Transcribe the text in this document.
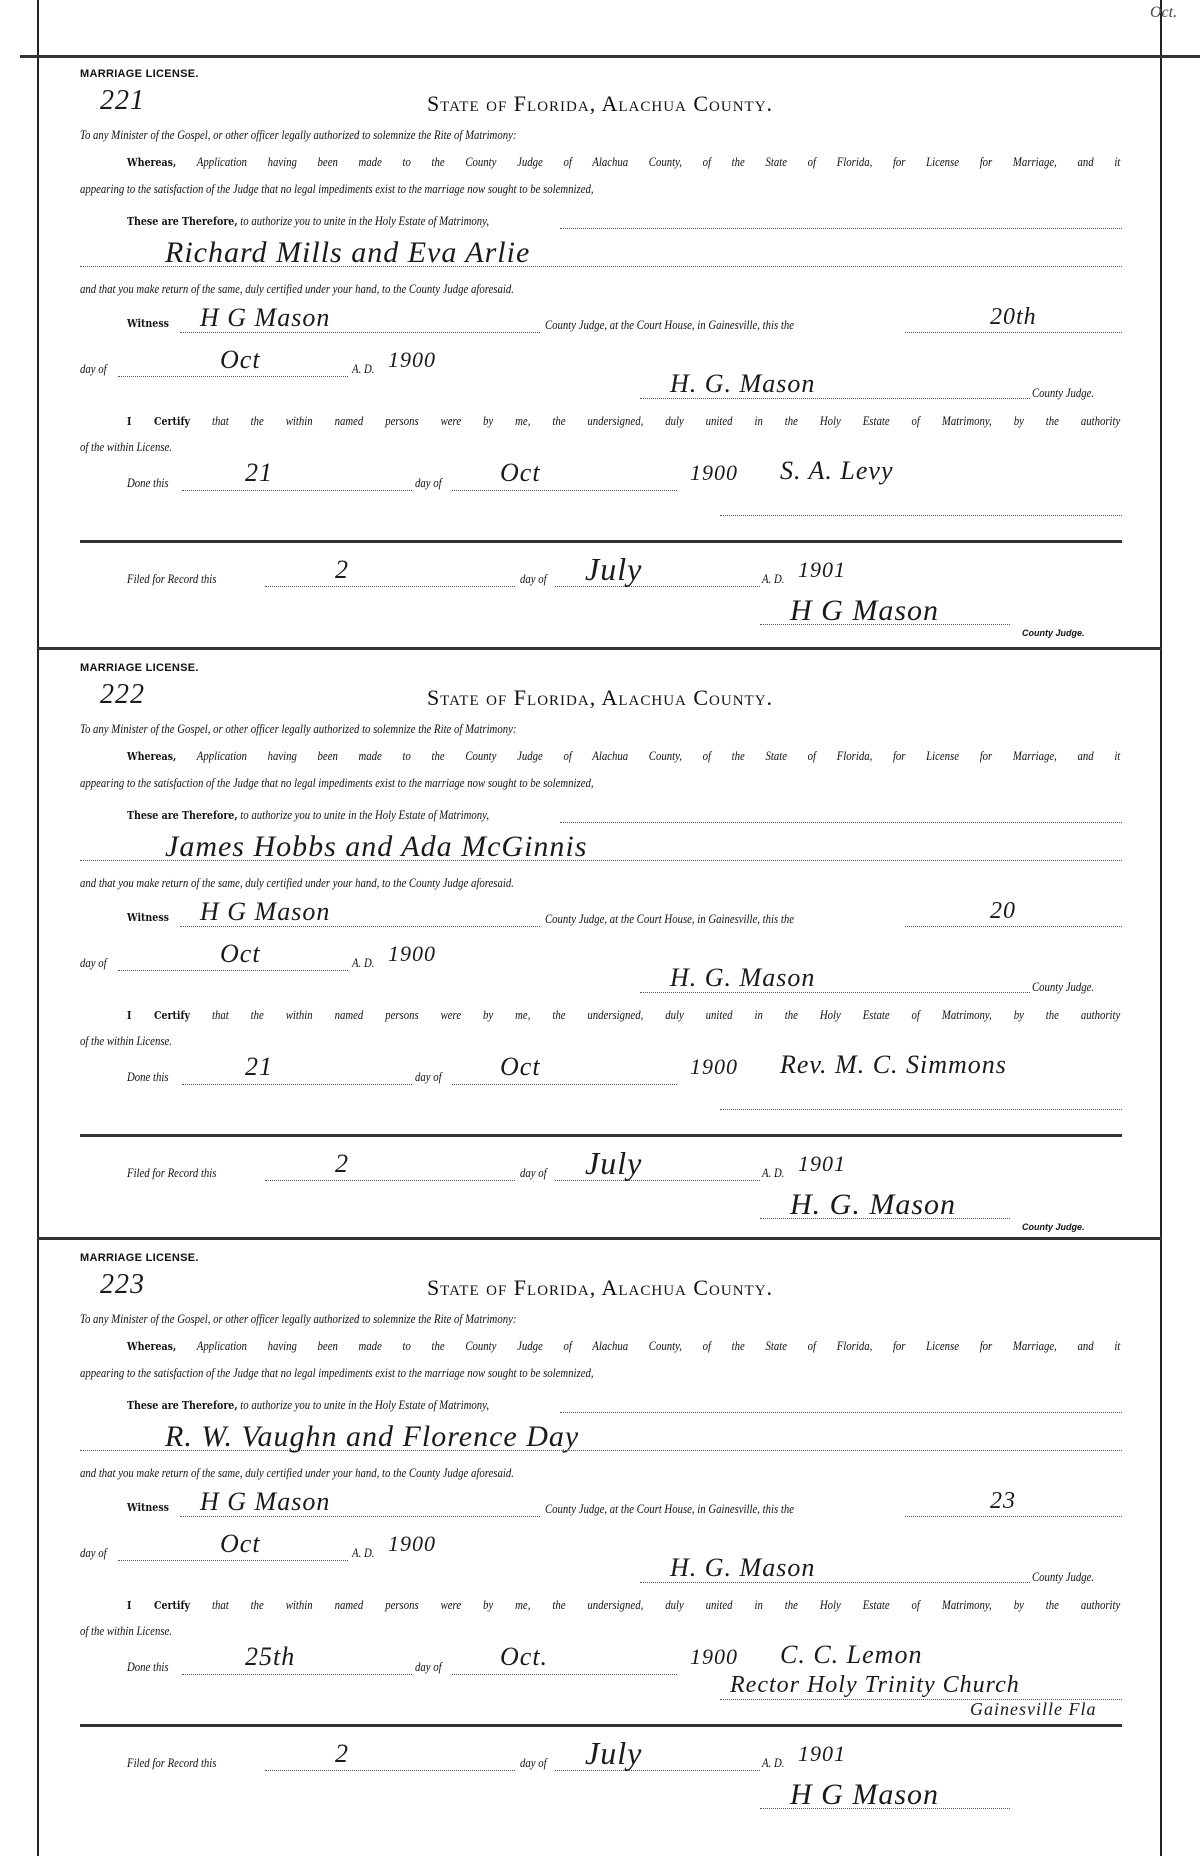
Oct.
MARRIAGE LICENSE.
221	State of Florida, Alachua County.
To any Minister of the Gospel, or other officer legally authorized to solemnize the Rite of Matrimony:
Whereas, Application having been made to the County Judge of Alachua County, of the State of Florida, for License for Marriage, and it
appearing to the satisfaction of the Judge that no legal impediments exist to the marriage now sought to be solemnized,
These are Therefore, to authorize you to unite in the Holy Estate of Matrimony,
Richard Mills and Eva Arlie
and that you make return of the same, duly certified under your hand, to the County Judge aforesaid.
Witness H G Mason	County Judge, at the Court House, in Gainesville, this the	20th
day of	Oct	A. D. 1900
H. G. Mason	County Judge.
I Certify that the within named persons were by me, the undersigned, duly united in the Holy Estate of Matrimony, by the authority
of the within License.
Done this	21	day of Oct	1900 S. A. Levy
Filed for Record this	2	day of July	A. D. 1901
H G Mason
County Judge.
MARRIAGE LICENSE.
222	State of Florida, Alachua County.
To any Minister of the Gospel, or other officer legally authorized to solemnize the Rite of Matrimony:
Whereas, Application having been made to the County Judge of Alachua County, of the State of Florida, for License for Marriage, and it
appearing to the satisfaction of the Judge that no legal impediments exist to the marriage now sought to be solemnized,
These are Therefore, to authorize you to unite in the Holy Estate of Matrimony,
James Hobbs and Ada McGinnis
and that you make return of the same, duly certified under your hand, to the County Judge aforesaid.
Witness H G Mason	County Judge, at the Court House, in Gainesville, this the	20
day of	Oct	A. D. 1900
H. G. Mason	County Judge.
I Certify that the within named persons were by me, the undersigned, duly united in the Holy Estate of Matrimony, by the authority
of the within License.
Done this	21	day of Oct	1900 Rev. M. C. Simmons
Filed for Record this	2	day of July	A. D. 1901
H. G. Mason
County Judge.
MARRIAGE LICENSE.
223	State of Florida, Alachua County.
To any Minister of the Gospel, or other officer legally authorized to solemnize the Rite of Matrimony:
Whereas, Application having been made to the County Judge of Alachua County, of the State of Florida, for License for Marriage, and it
appearing to the satisfaction of the Judge that no legal impediments exist to the marriage now sought to be solemnized,
These are Therefore, to authorize you to unite in the Holy Estate of Matrimony,
R. W. Vaughn and Florence Day
and that you make return of the same, duly certified under your hand, to the County Judge aforesaid.
Witness H G Mason	County Judge, at the Court House, in Gainesville, this the	23
day of	Oct	A. D. 1900
H. G. Mason	County Judge.
I Certify that the within named persons were by me, the undersigned, duly united in the Holy Estate of Matrimony, by the authority
of the within License.
Done this	25th	day of Oct.	1900 C. C. Lemon
Rector Holy Trinity Church
Gainesville Fla
Filed for Record this	2	day of July	A. D. 1901
H G Mason
